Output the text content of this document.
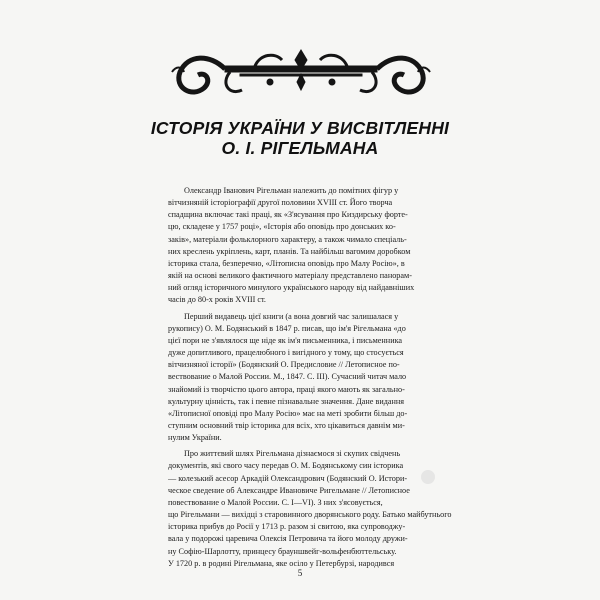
ІСТОРІЯ УКРАЇНИ У ВИСВІТЛЕННІ
О. І. РІГЕЛЬМАНА

Олександр Іванович Рігельман належить до помітних фігур у
вітчизняній історіографії другої половини XVIII ст. Його творча
спадщина включає такі праці, як «З'ясування про Киздирську форте-
цю, складене у 1757 році», «Історія або оповідь про донських ко-
заків», матеріали фольклорного характеру, а також чимало спеціаль-
них креслень укріплень, карт, планів. Та найбільш вагомим доробком
історика стала, безперечно, «Літописна оповідь про Малу Росію», в
якій на основі великого фактичного матеріалу представлено панорам-
ний огляд історичного минулого українського народу від найдавніших
часів до 80-х років XVIII ст.

Перший видавець цієї книги (а вона довгий час залишалася у
рукопису) О. М. Бодянський в 1847 р. писав, що ім'я Рігельмана «до
цієї пори не з'являлося ще ніде як ім'я письменника, і письменника
дуже допитливого, працелюбного і вигідного у тому, що стосується
вітчизняної історії» (Бодянский О. Предисловие // Летописное по-
вествование о Малой России. М., 1847. С. III). Сучасний читач мало
знайомий із творчістю цього автора, праці якого мають як загально-
культурну цінність, так і певне пізнавальне значення. Дане видання
«Літописної оповіді про Малу Росію» має на меті зробити більш до-
ступним основний твір історика для всіх, хто цікавиться давнім ми-
нулим України.

Про життєвий шлях Рігельмана дізнаємося зі скупих свідчень
документів, які свого часу передав О. М. Бодянському син історика
— колезький асесор Аркадій Олександрович (Бодянский О. Истори-
ческое сведение об Александре Ивановиче Ригельмане // Летописное
повествование о Малой России. С. I—VI). З них з'ясовується,
що Рігельмани — вихідці з старовинного дворянського роду. Батько майбутнього
історика прибув до Росії у 1713 р. разом зі свитою, яка супроводжу-
вала у подорожі царевича Олексія Петровича та його молоду дружи-
ну Софію-Шарлотту, принцесу брауншвейг-вольфенбюттельську.
У 1720 р. в родині Рігельмана, яке осіло у Петербурзі, народився

5
